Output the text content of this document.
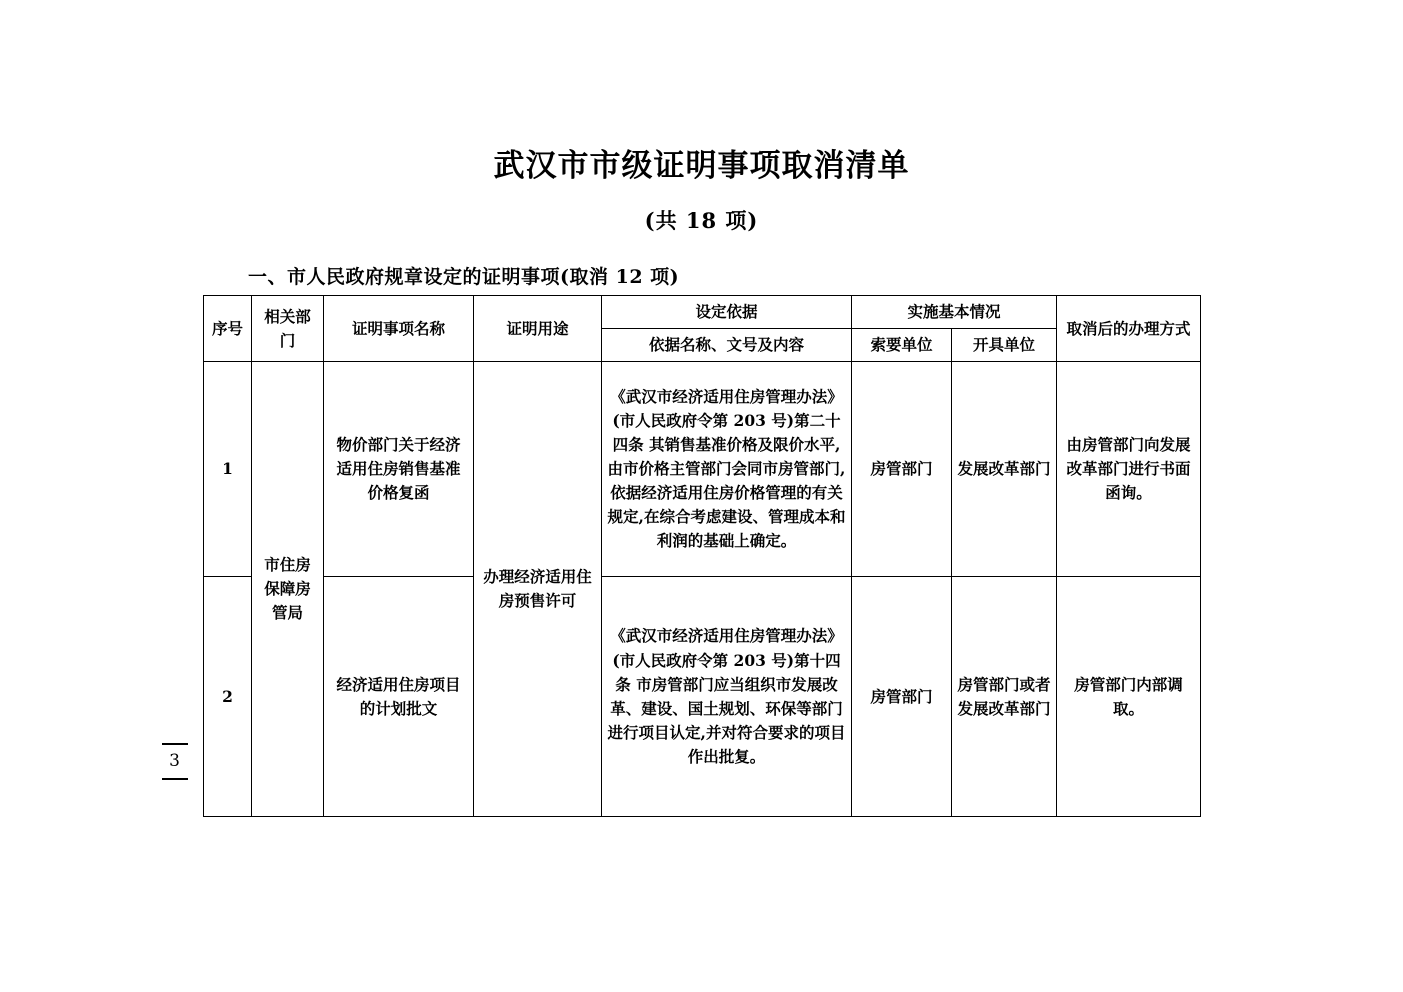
武汉市市级证明事项取消清单
(共 18 项)
一、市人民政府规章设定的证明事项(取消 12 项)
3
序号	相关部门	证明事项名称	证明用途	设定依据	实施基本情况		取消后的办理方式
				依据名称、文号及内容	索要单位	开具单位	
1	市住房保障房管局	物价部门关于经济适用住房销售基准价格复函	办理经济适用住房预售许可	《武汉市经济适用住房管理办法》(市人民政府令第 203 号)第二十四条 其销售基准价格及限价水平,由市价格主管部门会同市房管部门,依据经济适用住房价格管理的有关规定,在综合考虑建设、管理成本和利润的基础上确定。	房管部门	发展改革部门	由房管部门向发展改革部门进行书面函询。
2		经济适用住房项目的计划批文		《武汉市经济适用住房管理办法》(市人民政府令第 203 号)第十四条 市房管部门应当组织市发展改革、建设、国土规划、环保等部门进行项目认定,并对符合要求的项目作出批复。	房管部门	房管部门或者发展改革部门	房管部门内部调取。
